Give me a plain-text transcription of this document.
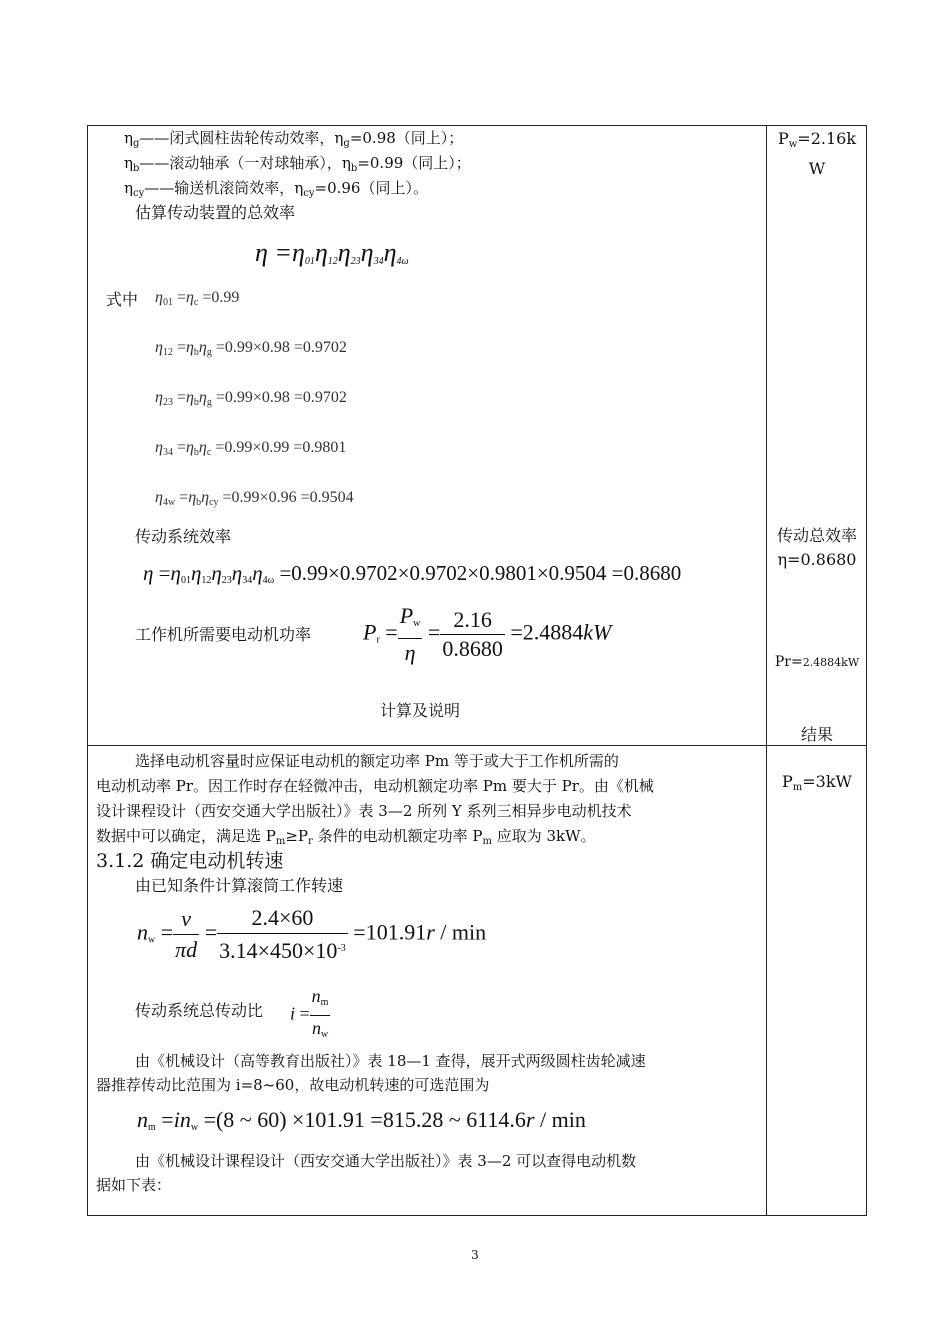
$\eta_g——$闭式圆柱齿轮传动效率，$\eta_g=0.98$（同上）；
$\eta_b——$滚动轴承（一对球轴承），$\eta_b=0.99$（同上）；
$\eta_{cy}——$输送机滚筒效率，$\eta_{cy}=0.96$（同上）。
估算传动装置的总效率
$\eta =\eta_{01}\eta_{12}\eta_{23}\eta_{34}\eta_{4\omega}$
式中 $\eta_{01} =\eta_c =0.99$
$\eta_{12} =\eta_b\eta_g =0.99\times 0.98 =0.9702$
$\eta_{23} =\eta_b\eta_g =0.99\times 0.98 =0.9702$
$\eta_{34} =\eta_b\eta_c =0.99\times 0.99 =0.9801$
$\eta_{4w} =\eta_b\eta_{cy} =0.99\times 0.96 =0.9504$
传动系统效率
$\eta =\eta_{01}\eta_{12}\eta_{23}\eta_{34}\eta_{4\omega} =0.99\times 0.9702\times 0.9702\times 0.9801\times 0.9504 =0.8680$
工作机所需要电动机功率 $P_r = \frac{P_w}{\eta} = \frac{2.16}{0.8680} =2.4884kW$
计算及说明
$P_w=2.16k$
W
传动总效率
η=0.8680
Pr=2.4884kW
结果
选择电动机容量时应保证电动机的额定功率 Pm 等于或大于工作机所需的
电动机动率 Pr。因工作时存在轻微冲击，电动机额定功率 Pm 要大于 Pr。由《机械
设计课程设计（西安交通大学出版社）》表 3—2 所列 Y 系列三相异步电动机技术
数据中可以确定，满足选 $P_m\ge P_r$ 条件的电动机额定功率 $P_m$ 应取为 3kW。
3.1.2 确定电动机转速
由已知条件计算滚筒工作转速
$n_w = \frac{v}{\pi d} = \frac{2.4\times 60}{3.14\times 450\times 10^{-3}} =101.91r / \min$
传动系统总传动比 $i = \frac{n_m}{n_w}$
由《机械设计（高等教育出版社）》表 18—1 查得，展开式两级圆柱齿轮减速
器推荐传动比范围为 i=8~60，故电动机转速的可选范围为
$n_m =in_w =(8$ ~ 60) ×101.91 =815.28 ~ 6114.6r / min
由《机械设计课程设计（西安交通大学出版社）》表 3—2 可以查得电动机数
据如下表：
$P_m=3kW$
3
